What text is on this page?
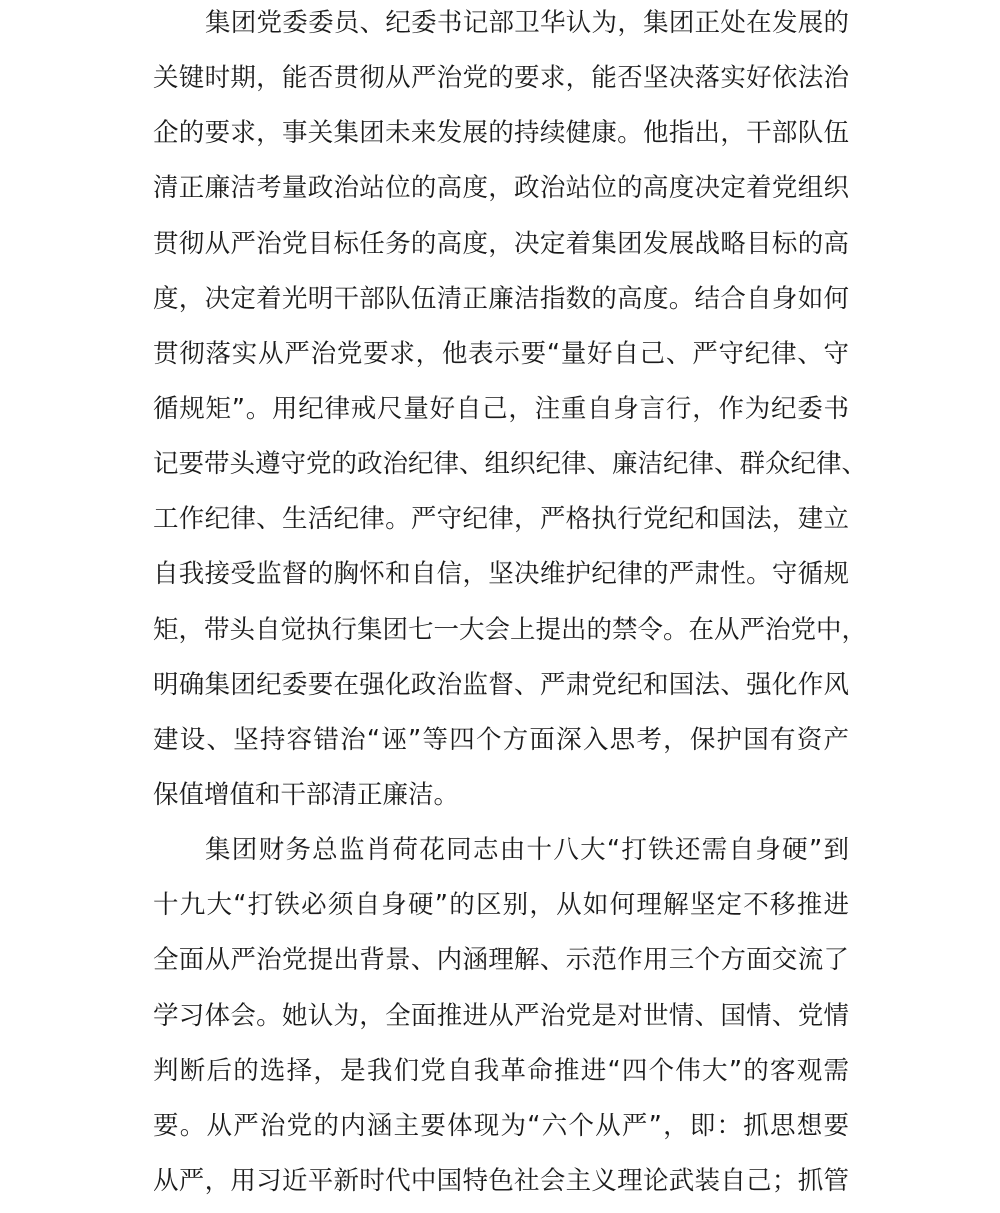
集团党委委员、纪委书记部卫华认为，集团正处在发展的
关键时期，能否贯彻从严治党的要求，能否坚决落实好依法治
企的要求，事关集团未来发展的持续健康。他指出，干部队伍
清正廉洁考量政治站位的高度，政治站位的高度决定着党组织
贯彻从严治党目标任务的高度，决定着集团发展战略目标的高
度，决定着光明干部队伍清正廉洁指数的高度。结合自身如何
贯彻落实从严治党要求，他表示要“量好自己、严守纪律、守
循规矩”。用纪律戒尺量好自己，注重自身言行，作为纪委书
记要带头遵守党的政治纪律、组织纪律、廉洁纪律、群众纪律、
工作纪律、生活纪律。严守纪律，严格执行党纪和国法，建立
自我接受监督的胸怀和自信，坚决维护纪律的严肃性。守循规
矩，带头自觉执行集团七一大会上提出的禁令。在从严治党中，
明确集团纪委要在强化政治监督、严肃党纪和国法、强化作风
建设、坚持容错治“诬”等四个方面深入思考，保护国有资产
保值增值和干部清正廉洁。
集团财务总监肖荷花同志由十八大“打铁还需自身硬”到
十九大“打铁必须自身硬”的区别，从如何理解坚定不移推进
全面从严治党提出背景、内涵理解、示范作用三个方面交流了
学习体会。她认为，全面推进从严治党是对世情、国情、党情
判断后的选择，是我们党自我革命推进“四个伟大”的客观需
要。从严治党的内涵主要体现为“六个从严”，即：抓思想要
从严，用习近平新时代中国特色社会主义理论武装自己；抓管
